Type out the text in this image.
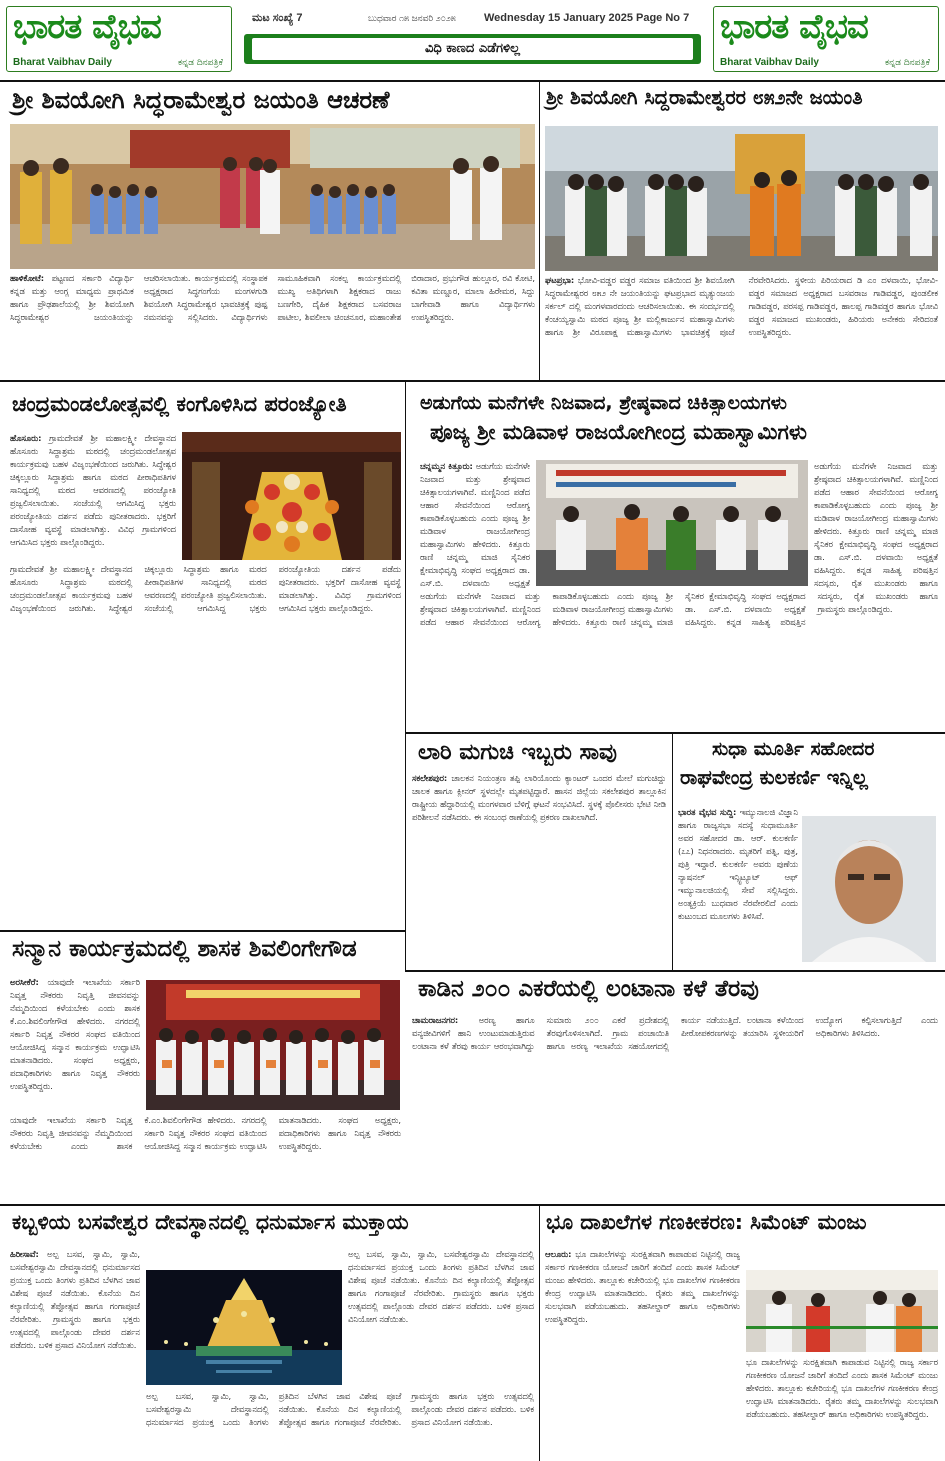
ಭಾರತ ವೈಭವ
Bharat Vaibhav Daily	ಕನ್ನಡ ದಿನಪತ್ರಿಕೆ
ಮಟ ಸಂಖ್ಯೆ 7	ಬುಧವಾರ ೧೫ ಜನವರಿ ೨೦೨೫	Wednesday 15 January 2025 Page No 7
ವಿಧಿ ಕಾಣದ ಎಡೆಗಳಿಲ್ಲ
ಭಾರತ ವೈಭವ
Bharat Vaibhav Daily	ಕನ್ನಡ ದಿನಪತ್ರಿಕೆ
ಶ್ರೀ ಶಿವಯೋಗಿ ಸಿದ್ಧರಾಮೇಶ್ವರ ಜಯಂತಿ ಆಚರಣೆ
ಹಾಳಿಕೋಟೆ: ಪಟ್ಟಣದ ಸರ್ಕಾರಿ ವಿದ್ಯಾರ್ಥಿ ಕನ್ನಡ ಮತ್ತು ಆಂಗ್ಲ ಮಾಧ್ಯಮ ಪ್ರಾಥಮಿಕ ಹಾಗೂ ಪ್ರೌಢಶಾಲೆಯಲ್ಲಿ ಶ್ರೀ ಶಿವಯೋಗಿ ಸಿದ್ಧರಾಮೇಶ್ವರ ಜಯಂತಿಯನ್ನು ಆಚರಿಸಲಾಯಿತು. ಕಾರ್ಯಕ್ರಮದಲ್ಲಿ ಸಂಸ್ಥಾಪಕ ಅಧ್ಯಕ್ಷರಾದ ಸಿದ್ಧಗಂಗೆಯ ಮಂಗಳಗುಡಿ ಶಿವಯೋಗಿ ಸಿದ್ಧರಾಮೇಶ್ವರ ಭಾವಚಿತ್ರಕ್ಕೆ ಪುಷ್ಪ ನಮನವನ್ನು ಸಲ್ಲಿಸಿದರು. ವಿದ್ಯಾರ್ಥಿಗಳು ಸಾಮೂಹಿಕವಾಗಿ ಸಂಕಲ್ಪ ಕಾರ್ಯಕ್ರಮದಲ್ಲಿ ಮುಖ್ಯ ಅತಿಥಿಗಳಾಗಿ ಶಿಕ್ಷಕರಾದ ರಾಜು ಬಣಗೇರಿ, ದೈಹಿಕ ಶಿಕ್ಷಕರಾದ ಬಸವರಾಜ ಪಾಟೀಲ, ಶಿವಲೀಲಾ ಚಿಂಚನೂರ, ಮಹಾಂತೇಶ ಬಿರಾದಾರ, ಪ್ರಭುಗೌಡ ಹುಲ್ಲೂರ, ರವಿ ಕೋಟಿ, ಕವಿತಾ ಮಣ್ಣೂರ, ಮಾಲಾ ಹಿರೇಮಠ, ಸಿದ್ದು ಬಾಗೇವಾಡಿ ಹಾಗೂ ವಿದ್ಯಾರ್ಥಿಗಳು ಉಪಸ್ಥಿತರಿದ್ದರು.
ಶ್ರೀ ಶಿವಯೋಗಿ ಸಿದ್ದರಾಮೇಶ್ವರರ ೮೫೨ನೇ ಜಯಂತಿ
ಘಟಪ್ರಭಾ: ಭೋವಿ-ವಡ್ಡರ ವಡ್ಡರ ಸಮಾಜ ವತಿಯಿಂದ ಶ್ರೀ ಶಿವಯೋಗಿ ಸಿದ್ಧರಾಮೇಶ್ವರರ ೮೫೨ ನೇ ಜಯಂತಿಯನ್ನು ಘಟಪ್ರಭಾದ ಮೃತ್ಯುಂಜಯ ಸರ್ಕಲ್ ದಲ್ಲಿ ಮಂಗಳವಾರದಂದು ಆಚರಿಸಲಾಯಿತು. ಈ ಸಂದರ್ಭದಲ್ಲಿ ಕೆಂಚಯ್ಯಸ್ವಾಮಿ ಮಠದ ಪೂಜ್ಯ ಶ್ರೀ ಮಲ್ಲಿಕಾರ್ಜುನ ಮಹಾಸ್ವಾಮಿಗಳು ಹಾಗೂ ಶ್ರೀ ವಿರೂಪಾಕ್ಷ ಮಹಾಸ್ವಾಮಿಗಳು ಭಾವಚಿತ್ರಕ್ಕೆ ಪೂಜೆ ನೆರವೇರಿಸಿದರು. ಸ್ಥಳೀಯ ಪಿರಿಯರಾದ ಡಿ ಎಂ ದಳವಾಯಿ, ಭೋವಿ-ವಡ್ಡರ ಸಮಾಜದ ಅಧ್ಯಕ್ಷರಾದ ಬಸವರಾಜ ಗಾಡಿವಡ್ಡರ, ಪುಂಡಲೀಕ ಗಾಡಿವಡ್ಡರ, ಪರಸಪ್ಪ ಗಾಡಿವಡ್ಡರ, ಹಾಲಪ್ಪ ಗಾಡಿವಡ್ಡರ ಹಾಗೂ ಭೋವಿ ವಡ್ಡರ ಸಮಾಜದ ಮುಖಂಡರು, ಹಿರಿಯರು ಅನೇಕರು ಸೇರಿದಂತೆ ಉಪಸ್ಥಿತರಿದ್ದರು.
ಚಂದ್ರಮಂಡಲೋತ್ಸವಲ್ಲಿ ಕಂಗೊಳಿಸಿದ ಪರಂಜ್ಯೋತಿ
ಹೊಸೂರು: ಗ್ರಾಮದೇವತೆ ಶ್ರೀ ಮಹಾಲಕ್ಷ್ಮೀ ದೇವಸ್ಥಾನದ ಹೊಸೂರು ಸಿದ್ಧಾಶ್ರಮ ಮಠದಲ್ಲಿ ಚಂದ್ರಮಂಡಲೋತ್ಸವ ಕಾರ್ಯಕ್ರಮವು ಬಹಳ ವಿಜೃಂಭಣೆಯಿಂದ ಜರುಗಿತು. ಸಿದ್ಧೇಶ್ವರ ಚಿಕ್ಕಲ್ಲೂರು ಸಿದ್ಧಾಶ್ರಮ ಹಾಗೂ ಮಠದ ಪೀಠಾಧಿಪತಿಗಳ ಸಾನಿಧ್ಯದಲ್ಲಿ ಮಠದ ಆವರಣದಲ್ಲಿ ಪರಂಜ್ಯೋತಿ ಪ್ರಜ್ವಲಿಸಲಾಯಿತು. ಸಂಜೆಯಲ್ಲಿ ಆಗಮಿಸಿದ್ದ ಭಕ್ತರು ಪರಂಜ್ಯೋತಿಯ ದರ್ಶನ ಪಡೆದು ಪುನೀತರಾದರು. ಭಕ್ತರಿಗೆ ದಾಸೋಹ ವ್ಯವಸ್ಥೆ ಮಾಡಲಾಗಿತ್ತು. ವಿವಿಧ ಗ್ರಾಮಗಳಿಂದ ಆಗಮಿಸಿದ ಭಕ್ತರು ಪಾಲ್ಗೊಂಡಿದ್ದರು.
ಗ್ರಾಮದೇವತೆ ಶ್ರೀ ಮಹಾಲಕ್ಷ್ಮೀ ದೇವಸ್ಥಾನದ ಹೊಸೂರು ಸಿದ್ಧಾಶ್ರಮ ಮಠದಲ್ಲಿ ಚಂದ್ರಮಂಡಲೋತ್ಸವ ಕಾರ್ಯಕ್ರಮವು ಬಹಳ ವಿಜೃಂಭಣೆಯಿಂದ ಜರುಗಿತು. ಸಿದ್ಧೇಶ್ವರ ಚಿಕ್ಕಲ್ಲೂರು ಸಿದ್ಧಾಶ್ರಮ ಹಾಗೂ ಮಠದ ಪೀಠಾಧಿಪತಿಗಳ ಸಾನಿಧ್ಯದಲ್ಲಿ ಮಠದ ಆವರಣದಲ್ಲಿ ಪರಂಜ್ಯೋತಿ ಪ್ರಜ್ವಲಿಸಲಾಯಿತು. ಸಂಜೆಯಲ್ಲಿ ಆಗಮಿಸಿದ್ದ ಭಕ್ತರು ಪರಂಜ್ಯೋತಿಯ ದರ್ಶನ ಪಡೆದು ಪುನೀತರಾದರು. ಭಕ್ತರಿಗೆ ದಾಸೋಹ ವ್ಯವಸ್ಥೆ ಮಾಡಲಾಗಿತ್ತು. ವಿವಿಧ ಗ್ರಾಮಗಳಿಂದ ಆಗಮಿಸಿದ ಭಕ್ತರು ಪಾಲ್ಗೊಂಡಿದ್ದರು.
ಅಡುಗೆಯ ಮನೆಗಳೇ ನಿಜವಾದ, ಶ್ರೇಷ್ಠವಾದ ಚಿಕಿತ್ಸಾಲಯಗಳು
ಪೂಜ್ಯ ಶ್ರೀ ಮಡಿವಾಳ ರಾಜಯೋಗೀಂದ್ರ ಮಹಾಸ್ವಾಮಿಗಳು
ಚನ್ನಮ್ಮನ ಕಿತ್ತೂರು: ಅಡುಗೆಯ ಮನೆಗಳೇ ನಿಜವಾದ ಮತ್ತು ಶ್ರೇಷ್ಠವಾದ ಚಿಕಿತ್ಸಾಲಯಗಳಾಗಿವೆ. ಮಣ್ಣಿನಿಂದ ಪಡೆದ ಆಹಾರ ಸೇವನೆಯಿಂದ ಆರೋಗ್ಯ ಕಾಪಾಡಿಕೊಳ್ಳಬಹುದು ಎಂದು ಪೂಜ್ಯ ಶ್ರೀ ಮಡಿವಾಳ ರಾಜಯೋಗೀಂದ್ರ ಮಹಾಸ್ವಾಮಿಗಳು ಹೇಳಿದರು. ಕಿತ್ತೂರು ರಾಣಿ ಚನ್ನಮ್ಮ ಮಾಜಿ ಸೈನಿಕರ ಕ್ಷೇಮಾಭಿವೃದ್ಧಿ ಸಂಘದ ಅಧ್ಯಕ್ಷರಾದ ಡಾ. ಎಸ್.ಬಿ. ದಳವಾಯಿ ಅಧ್ಯಕ್ಷತೆ
ಅಡುಗೆಯ ಮನೆಗಳೇ ನಿಜವಾದ ಮತ್ತು ಶ್ರೇಷ್ಠವಾದ ಚಿಕಿತ್ಸಾಲಯಗಳಾಗಿವೆ. ಮಣ್ಣಿನಿಂದ ಪಡೆದ ಆಹಾರ ಸೇವನೆಯಿಂದ ಆರೋಗ್ಯ ಕಾಪಾಡಿಕೊಳ್ಳಬಹುದು ಎಂದು ಪೂಜ್ಯ ಶ್ರೀ ಮಡಿವಾಳ ರಾಜಯೋಗೀಂದ್ರ ಮಹಾಸ್ವಾಮಿಗಳು ಹೇಳಿದರು. ಕಿತ್ತೂರು ರಾಣಿ ಚನ್ನಮ್ಮ ಮಾಜಿ ಸೈನಿಕರ ಕ್ಷೇಮಾಭಿವೃದ್ಧಿ ಸಂಘದ ಅಧ್ಯಕ್ಷರಾದ ಡಾ. ಎಸ್.ಬಿ. ದಳವಾಯಿ ಅಧ್ಯಕ್ಷತೆ ವಹಿಸಿದ್ದರು. ಕನ್ನಡ ಸಾಹಿತ್ಯ ಪರಿಷತ್ತಿನ ಸದಸ್ಯರು, ರೈತ ಮುಖಂಡರು ಹಾಗೂ
ಅಡುಗೆಯ ಮನೆಗಳೇ ನಿಜವಾದ ಮತ್ತು ಶ್ರೇಷ್ಠವಾದ ಚಿಕಿತ್ಸಾಲಯಗಳಾಗಿವೆ. ಮಣ್ಣಿನಿಂದ ಪಡೆದ ಆಹಾರ ಸೇವನೆಯಿಂದ ಆರೋಗ್ಯ ಕಾಪಾಡಿಕೊಳ್ಳಬಹುದು ಎಂದು ಪೂಜ್ಯ ಶ್ರೀ ಮಡಿವಾಳ ರಾಜಯೋಗೀಂದ್ರ ಮಹಾಸ್ವಾಮಿಗಳು ಹೇಳಿದರು. ಕಿತ್ತೂರು ರಾಣಿ ಚನ್ನಮ್ಮ ಮಾಜಿ ಸೈನಿಕರ ಕ್ಷೇಮಾಭಿವೃದ್ಧಿ ಸಂಘದ ಅಧ್ಯಕ್ಷರಾದ ಡಾ. ಎಸ್.ಬಿ. ದಳವಾಯಿ ಅಧ್ಯಕ್ಷತೆ ವಹಿಸಿದ್ದರು. ಕನ್ನಡ ಸಾಹಿತ್ಯ ಪರಿಷತ್ತಿನ ಸದಸ್ಯರು, ರೈತ ಮುಖಂಡರು ಹಾಗೂ ಗ್ರಾಮಸ್ಥರು ಪಾಲ್ಗೊಂಡಿದ್ದರು.
ಲಾರಿ ಮಗುಚಿ ಇಬ್ಬರು ಸಾವು
ಸಕಲೇಶಪುರ: ಚಾಲಕನ ನಿಯಂತ್ರಣ ತಪ್ಪಿ ಲಾರಿಯೊಂದು ಕ್ಯಾಂಟರ್ ಒಂದರ ಮೇಲೆ ಮಗುಚಿದ್ದು ಚಾಲಕ ಹಾಗೂ ಕ್ಲೀನರ್ ಸ್ಥಳದಲ್ಲೇ ಮೃತಪಟ್ಟಿದ್ದಾರೆ. ಹಾಸನ ಜಿಲ್ಲೆಯ ಸಕಲೇಶಪುರ ತಾಲ್ಲೂಕಿನ ರಾಷ್ಟ್ರೀಯ ಹೆದ್ದಾರಿಯಲ್ಲಿ ಮಂಗಳವಾರ ಬೆಳಿಗ್ಗೆ ಘಟನೆ ಸಂಭವಿಸಿದೆ. ಸ್ಥಳಕ್ಕೆ ಪೊಲೀಸರು ಭೇಟಿ ನೀಡಿ ಪರಿಶೀಲನೆ ನಡೆಸಿದರು. ಈ ಸಂಬಂಧ ಠಾಣೆಯಲ್ಲಿ ಪ್ರಕರಣ ದಾಖಲಾಗಿದೆ.
ಸುಧಾ ಮೂರ್ತಿ ಸಹೋದರ
ರಾಘವೇಂದ್ರ ಕುಲಕರ್ಣಿ ಇನ್ನಿಲ್ಲ
ಭಾರತ ವೈಭವ ಸುದ್ದಿ: ಇಮ್ಯುನಾಲಜಿ ವಿಜ್ಞಾನಿ ಹಾಗೂ ರಾಜ್ಯಸಭಾ ಸದಸ್ಯೆ ಸುಧಾಮೂರ್ತಿ ಅವರ ಸಹೋದರ ಡಾ. ಆರ್. ಕುಲಕರ್ಣಿ (೭೭) ನಿಧನರಾದರು. ಮೃತರಿಗೆ ಪತ್ನಿ, ಪುತ್ರ, ಪುತ್ರಿ ಇದ್ದಾರೆ. ಕುಲಕರ್ಣಿ ಅವರು ಪುಣೆಯ ನ್ಯಾಷನಲ್ ಇನ್ಸ್ಟಿಟ್ಯೂಟ್ ಆಫ್ ಇಮ್ಯುನಾಲಜಿಯಲ್ಲಿ ಸೇವೆ ಸಲ್ಲಿಸಿದ್ದರು. ಅಂತ್ಯಕ್ರಿಯೆ ಬುಧವಾರ ನೆರವೇರಲಿದೆ ಎಂದು ಕುಟುಂಬದ ಮೂಲಗಳು ತಿಳಿಸಿವೆ.
ಸನ್ಮಾನ ಕಾರ್ಯಕ್ರಮದಲ್ಲಿ ಶಾಸಕ ಶಿವಲಿಂಗೇಗೌಡ
ಅರಸೀಕೆರೆ: ಯಾವುದೇ ಇಲಾಖೆಯ ಸರ್ಕಾರಿ ನಿವೃತ್ತ ನೌಕರರು ನಿವೃತ್ತಿ ಜೀವನವನ್ನು ನೆಮ್ಮದಿಯಿಂದ ಕಳೆಯಬೇಕು ಎಂದು ಶಾಸಕ ಕೆ.ಎಂ.ಶಿವಲಿಂಗೇಗೌಡ ಹೇಳಿದರು. ನಗರದಲ್ಲಿ ಸರ್ಕಾರಿ ನಿವೃತ್ತ ನೌಕರರ ಸಂಘದ ವತಿಯಿಂದ ಆಯೋಜಿಸಿದ್ದ ಸನ್ಮಾನ ಕಾರ್ಯಕ್ರಮ ಉದ್ಘಾಟಿಸಿ ಮಾತನಾಡಿದರು. ಸಂಘದ ಅಧ್ಯಕ್ಷರು, ಪದಾಧಿಕಾರಿಗಳು ಹಾಗೂ ನಿವೃತ್ತ ನೌಕರರು ಉಪಸ್ಥಿತರಿದ್ದರು.
ಯಾವುದೇ ಇಲಾಖೆಯ ಸರ್ಕಾರಿ ನಿವೃತ್ತ ನೌಕರರು ನಿವೃತ್ತಿ ಜೀವನವನ್ನು ನೆಮ್ಮದಿಯಿಂದ ಕಳೆಯಬೇಕು ಎಂದು ಶಾಸಕ ಕೆ.ಎಂ.ಶಿವಲಿಂಗೇಗೌಡ ಹೇಳಿದರು. ನಗರದಲ್ಲಿ ಸರ್ಕಾರಿ ನಿವೃತ್ತ ನೌಕರರ ಸಂಘದ ವತಿಯಿಂದ ಆಯೋಜಿಸಿದ್ದ ಸನ್ಮಾನ ಕಾರ್ಯಕ್ರಮ ಉದ್ಘಾಟಿಸಿ ಮಾತನಾಡಿದರು. ಸಂಘದ ಅಧ್ಯಕ್ಷರು, ಪದಾಧಿಕಾರಿಗಳು ಹಾಗೂ ನಿವೃತ್ತ ನೌಕರರು ಉಪಸ್ಥಿತರಿದ್ದರು.
ಕಾಡಿನ ೨೦೦ ಎಕರೆಯಲ್ಲಿ ಲಂಟಾನಾ ಕಳೆ ತೆರವು
ಚಾಮರಾಜನಗರ: ಅರಣ್ಯ ಹಾಗೂ ವನ್ಯಜೀವಿಗಳಿಗೆ ಹಾನಿ ಉಂಟುಮಾಡುತ್ತಿರುವ ಲಂಟಾನಾ ಕಳೆ ತೆರವು ಕಾರ್ಯ ಆರಂಭವಾಗಿದ್ದು ಸುಮಾರು ೨೦೦ ಎಕರೆ ಪ್ರದೇಶದಲ್ಲಿ ತೆರವುಗೊಳಿಸಲಾಗಿದೆ. ಗ್ರಾಮ ಪಂಚಾಯಿತಿ ಹಾಗೂ ಅರಣ್ಯ ಇಲಾಖೆಯ ಸಹಯೋಗದಲ್ಲಿ ಕಾರ್ಯ ನಡೆಯುತ್ತಿದೆ. ಲಂಟಾನಾ ಕಳೆಯಿಂದ ಪೀಠೋಪಕರಣಗಳನ್ನು ತಯಾರಿಸಿ ಸ್ಥಳೀಯರಿಗೆ ಉದ್ಯೋಗ ಕಲ್ಪಿಸಲಾಗುತ್ತಿದೆ ಎಂದು ಅಧಿಕಾರಿಗಳು ತಿಳಿಸಿದರು.
ಕಬ್ಬಳಿಯ ಬಸವೇಶ್ವರ ದೇವಸ್ಥಾನದಲ್ಲಿ ಧನುರ್ಮಾಸ ಮುಕ್ತಾಯ
ಹಿರೀಸಾವೆ: ಅಲ್ಪ ಬಸವ, ಸ್ವಾಮಿ, ಸ್ವಾಮಿ, ಬಸವೇಶ್ವರಸ್ವಾಮಿ ದೇವಸ್ಥಾನದಲ್ಲಿ ಧನುರ್ಮಾಸದ ಪ್ರಯುಕ್ತ ಒಂದು ತಿಂಗಳು ಪ್ರತಿದಿನ ಬೆಳಗಿನ ಜಾವ ವಿಶೇಷ ಪೂಜೆ ನಡೆಯಿತು. ಕೊನೆಯ ದಿನ ಕಲ್ಯಾಣಿಯಲ್ಲಿ ತೆಪ್ಪೋತ್ಸವ ಹಾಗೂ ಗಂಗಾಪೂಜೆ ನೆರವೇರಿತು. ಗ್ರಾಮಸ್ಥರು ಹಾಗೂ ಭಕ್ತರು ಉತ್ಸವದಲ್ಲಿ ಪಾಲ್ಗೊಂಡು ದೇವರ ದರ್ಶನ ಪಡೆದರು. ಬಳಿಕ ಪ್ರಸಾದ ವಿನಿಯೋಗ ನಡೆಯಿತು.
ಅಲ್ಪ ಬಸವ, ಸ್ವಾಮಿ, ಸ್ವಾಮಿ, ಬಸವೇಶ್ವರಸ್ವಾಮಿ ದೇವಸ್ಥಾನದಲ್ಲಿ ಧನುರ್ಮಾಸದ ಪ್ರಯುಕ್ತ ಒಂದು ತಿಂಗಳು ಪ್ರತಿದಿನ ಬೆಳಗಿನ ಜಾವ ವಿಶೇಷ ಪೂಜೆ ನಡೆಯಿತು. ಕೊನೆಯ ದಿನ ಕಲ್ಯಾಣಿಯಲ್ಲಿ ತೆಪ್ಪೋತ್ಸವ ಹಾಗೂ ಗಂಗಾಪೂಜೆ ನೆರವೇರಿತು. ಗ್ರಾಮಸ್ಥರು ಹಾಗೂ ಭಕ್ತರು ಉತ್ಸವದಲ್ಲಿ ಪಾಲ್ಗೊಂಡು ದೇವರ ದರ್ಶನ ಪಡೆದರು. ಬಳಿಕ ಪ್ರಸಾದ ವಿನಿಯೋಗ ನಡೆಯಿತು.
ಅಲ್ಪ ಬಸವ, ಸ್ವಾಮಿ, ಸ್ವಾಮಿ, ಬಸವೇಶ್ವರಸ್ವಾಮಿ ದೇವಸ್ಥಾನದಲ್ಲಿ ಧನುರ್ಮಾಸದ ಪ್ರಯುಕ್ತ ಒಂದು ತಿಂಗಳು ಪ್ರತಿದಿನ ಬೆಳಗಿನ ಜಾವ ವಿಶೇಷ ಪೂಜೆ ನಡೆಯಿತು. ಕೊನೆಯ ದಿನ ಕಲ್ಯಾಣಿಯಲ್ಲಿ ತೆಪ್ಪೋತ್ಸವ ಹಾಗೂ ಗಂಗಾಪೂಜೆ ನೆರವೇರಿತು. ಗ್ರಾಮಸ್ಥರು ಹಾಗೂ ಭಕ್ತರು ಉತ್ಸವದಲ್ಲಿ ಪಾಲ್ಗೊಂಡು ದೇವರ ದರ್ಶನ ಪಡೆದರು. ಬಳಿಕ ಪ್ರಸಾದ ವಿನಿಯೋಗ ನಡೆಯಿತು.
ಭೂ ದಾಖಲೆಗಳ ಗಣಕೀಕರಣ: ಸಿಮೆಂಟ್ ಮಂಜು
ಆಲೂರು: ಭೂ ದಾಖಲೆಗಳನ್ನು ಸುರಕ್ಷಿತವಾಗಿ ಕಾಪಾಡುವ ನಿಟ್ಟಿನಲ್ಲಿ ರಾಜ್ಯ ಸರ್ಕಾರ ಗಣಕೀಕರಣ ಯೋಜನೆ ಜಾರಿಗೆ ತಂದಿದೆ ಎಂದು ಶಾಸಕ ಸಿಮೆಂಟ್ ಮಂಜು ಹೇಳಿದರು. ತಾಲ್ಲೂಕು ಕಚೇರಿಯಲ್ಲಿ ಭೂ ದಾಖಲೆಗಳ ಗಣಕೀಕರಣ ಕೇಂದ್ರ ಉದ್ಘಾಟಿಸಿ ಮಾತನಾಡಿದರು. ರೈತರು ತಮ್ಮ ದಾಖಲೆಗಳನ್ನು ಸುಲಭವಾಗಿ ಪಡೆಯಬಹುದು. ತಹಸೀಲ್ದಾರ್ ಹಾಗೂ ಅಧಿಕಾರಿಗಳು ಉಪಸ್ಥಿತರಿದ್ದರು.
ಭೂ ದಾಖಲೆಗಳನ್ನು ಸುರಕ್ಷಿತವಾಗಿ ಕಾಪಾಡುವ ನಿಟ್ಟಿನಲ್ಲಿ ರಾಜ್ಯ ಸರ್ಕಾರ ಗಣಕೀಕರಣ ಯೋಜನೆ ಜಾರಿಗೆ ತಂದಿದೆ ಎಂದು ಶಾಸಕ ಸಿಮೆಂಟ್ ಮಂಜು ಹೇಳಿದರು. ತಾಲ್ಲೂಕು ಕಚೇರಿಯಲ್ಲಿ ಭೂ ದಾಖಲೆಗಳ ಗಣಕೀಕರಣ ಕೇಂದ್ರ ಉದ್ಘಾಟಿಸಿ ಮಾತನಾಡಿದರು. ರೈತರು ತಮ್ಮ ದಾಖಲೆಗಳನ್ನು ಸುಲಭವಾಗಿ ಪಡೆಯಬಹುದು. ತಹಸೀಲ್ದಾರ್ ಹಾಗೂ ಅಧಿಕಾರಿಗಳು ಉಪಸ್ಥಿತರಿದ್ದರು.
